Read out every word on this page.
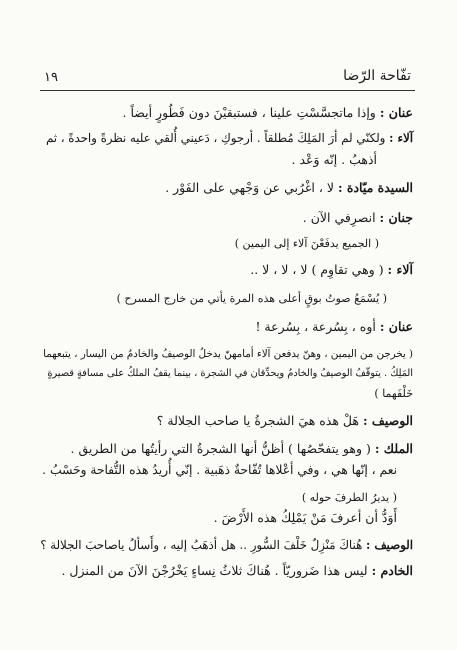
١٩	تفّاحة الرّضا
عنان : وإذا ماتجسَّسْتِ علينا ، فستبقيْنَ دون فَطُورٍ أيضاً .
آلاء : ولكنّي لم أرَ المَلِكَ مُطلقاً . أرجوكِ ، دَعيني أُلقي عليه نظرةً واحدةً ، ثم
أذهبُ . إنّه وَعْد .
السيدة ميّادة : لا ، اغْرُبي عن وَجْهي على الفَوْر .
جنان : انصرِفي الآن .
( الجميع يدفَعْنَ آلاء إلى اليمين )
آلاء : ( وهي تقاوِم ) لا ، لا ، لا ..
( يُسْمَعُ صوتُ بوقٍ أعلى هذه المرة يأتي من خارج المسرح )
عنان : أوه ، بِسُرعة ، بِسُرعة !
( يخرجن من اليمين ، وهنّ يدفعن آلاء أمامهنّ يدخلُ الوصيفُ والخادمُ من اليسار ، يتبعهما
المَلِكُ . يتوقّفُ الوصيفُ والخادمُ ويحدِّقان في الشجرة ، بينما يقفُ الملكُ على مسافةٍ قصيرةٍ
خَلْفَهما )
الوصيف : هَلْ هذه هيَ الشجرةُ يا صاحب الجلالة ؟
الملك : ( وهو يتفحّصُها ) أظنُّ أنها الشجرةُ التي رأيتُها من الطريق .
نعم ، إنّها هي ، وفي أعْلاها تُفّاحةٌ ذهَبية . إنّي أُريدُ هذه التُّفاحة وحَسْبُ .
( يديرُ الطرفَ حوله )
أَوَدُّ أن أعرفَ مَنْ يَمْلِكُ هذه الأَرْضَ .
الوصيف : هُناكَ مَنْزِلٌ خَلْفَ السُّورِ .. هل أذهَبُ إليه ، وأَسألُ ياصاحبَ الجلالة ؟
الخادم : ليس هذا ضَروريّاً . هُناكَ ثلاثُ نِساءٍ يَخْرُجْنَ الآنَ من المنزل .
